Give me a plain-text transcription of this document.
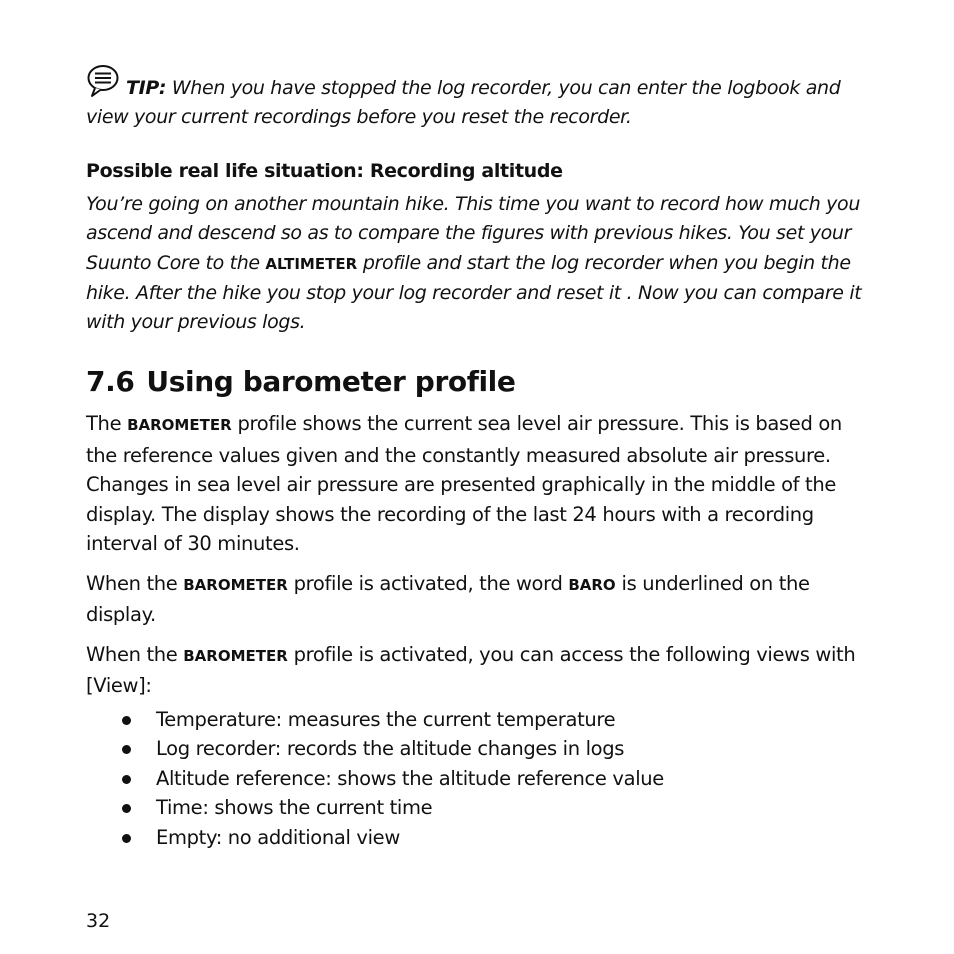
TIP: When you have stopped the log recorder, you can enter the logbook and view your current recordings before you reset the recorder.
Possible real life situation: Recording altitude
You’re going on another mountain hike. This time you want to record how much you ascend and descend so as to compare the figures with previous hikes. You set your Suunto Core to the ALTIMETER profile and start the log recorder when you begin the hike. After the hike you stop your log recorder and reset it . Now you can compare it with your previous logs.
7.6 Using barometer profile
The BAROMETER profile shows the current sea level air pressure. This is based on the reference values given and the constantly measured absolute air pressure. Changes in sea level air pressure are presented graphically in the middle of the display. The display shows the recording of the last 24 hours with a recording interval of 30 minutes.
When the BAROMETER profile is activated, the word BARO is underlined on the display.
When the BAROMETER profile is activated, you can access the following views with [View]:
Temperature: measures the current temperature
Log recorder: records the altitude changes in logs
Altitude reference: shows the altitude reference value
Time: shows the current time
Empty: no additional view
32
